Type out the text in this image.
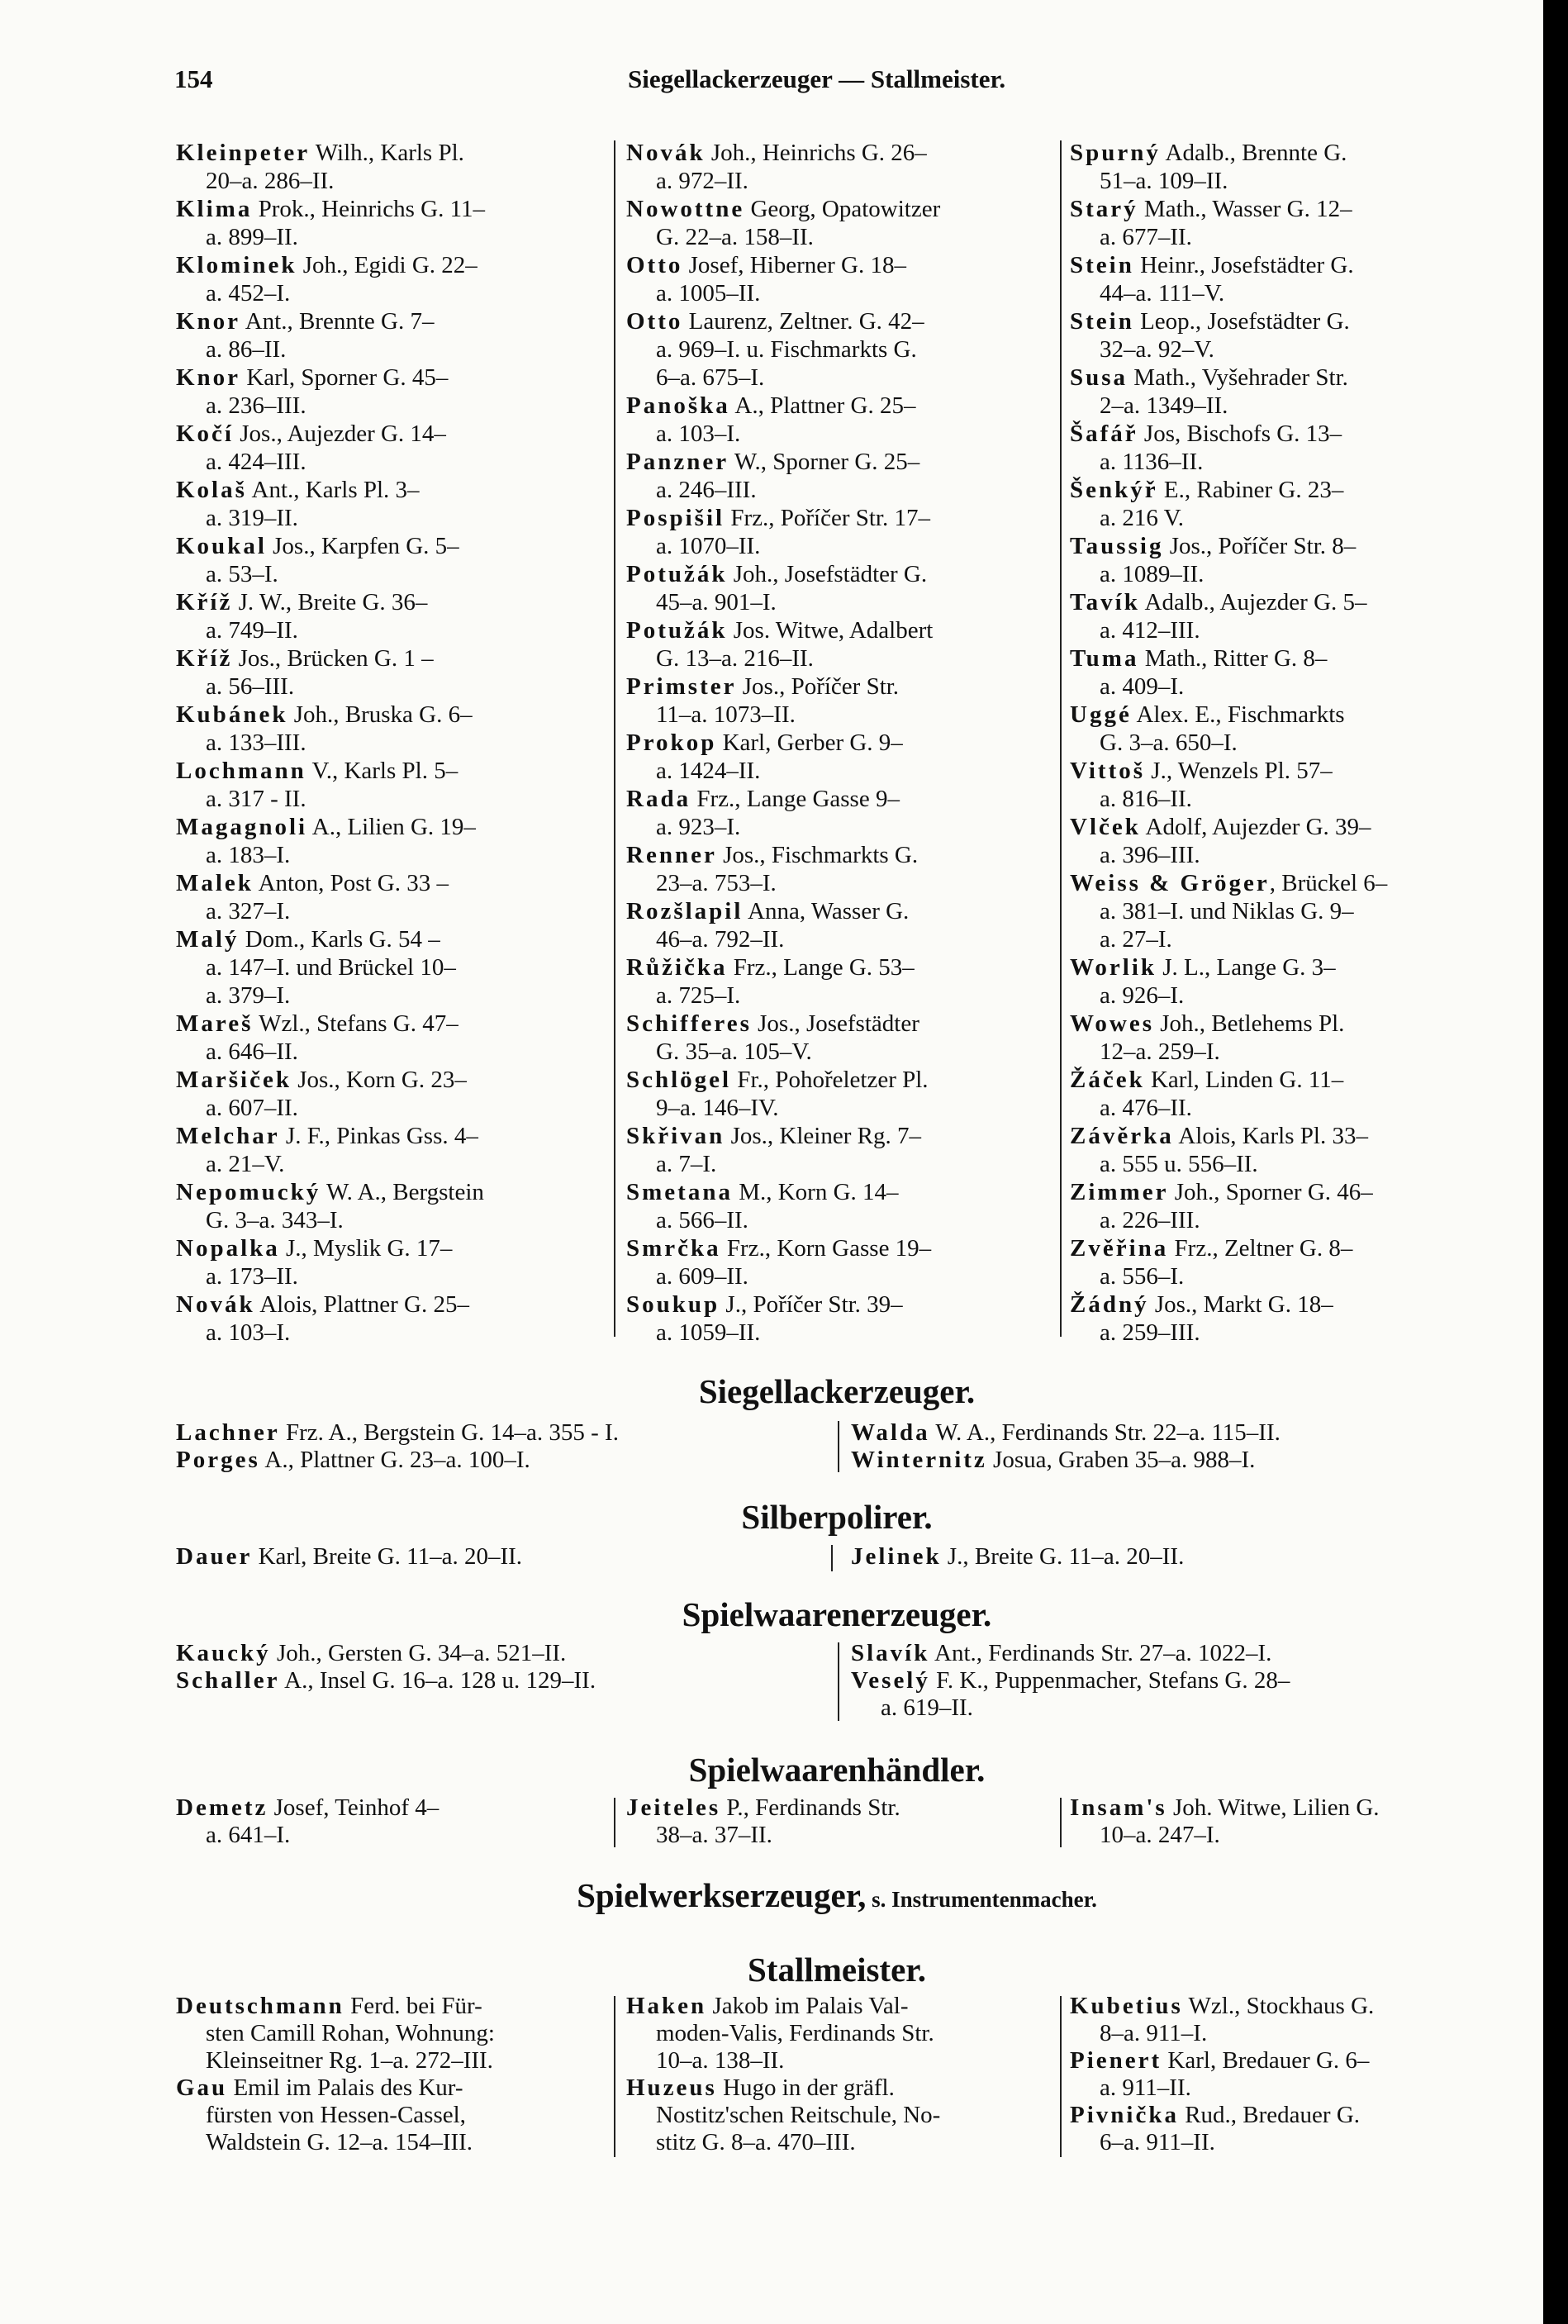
154	Siegellackerzeuger — Stallmeister.
Kleinpeter Wilh., Karls Pl.
20–a. 286–II.
Klima Prok., Heinrichs G. 11–
a. 899–II.
Klominek Joh., Egidi G. 22–
a. 452–I.
Knor Ant., Brennte G. 7–
a. 86–II.
Knor Karl, Sporner G. 45–
a. 236–III.
Kočí Jos., Aujezder G. 14–
a. 424–III.
Kolaš Ant., Karls Pl. 3–
a. 319–II.
Koukal Jos., Karpfen G. 5–
a. 53–I.
Kříž J. W., Breite G. 36–
a. 749–II.
Kříž Jos., Brücken G. 1 –
a. 56–III.
Kubánek Joh., Bruska G. 6–
a. 133–III.
Lochmann V., Karls Pl. 5–
a. 317 - II.
Magagnoli A., Lilien G. 19–
a. 183–I.
Malek Anton, Post G. 33 –
a. 327–I.
Malý Dom., Karls G. 54 –
a. 147–I. und Brückel 10–
a. 379–I.
Mareš Wzl., Stefans G. 47–
a. 646–II.
Maršiček Jos., Korn G. 23–
a. 607–II.
Melchar J. F., Pinkas Gss. 4–
a. 21–V.
Nepomucký W. A., Bergstein
G. 3–a. 343–I.
Nopalka J., Myslik G. 17–
a. 173–II.
Novák Alois, Plattner G. 25–
a. 103–I.
Novák Joh., Heinrichs G. 26–
a. 972–II.
Nowottne Georg, Opatowitzer
G. 22–a. 158–II.
Otto Josef, Hiberner G. 18–
a. 1005–II.
Otto Laurenz, Zeltner. G. 42–
a. 969–I. u. Fischmarkts G.
6–a. 675–I.
Panoška A., Plattner G. 25–
a. 103–I.
Panzner W., Sporner G. 25–
a. 246–III.
Pospišil Frz., Poříčer Str. 17–
a. 1070–II.
Potužák Joh., Josefstädter G.
45–a. 901–I.
Potužák Jos. Witwe, Adalbert
G. 13–a. 216–II.
Primster Jos., Poříčer Str.
11–a. 1073–II.
Prokop Karl, Gerber G. 9–
a. 1424–II.
Rada Frz., Lange Gasse 9–
a. 923–I.
Renner Jos., Fischmarkts G.
23–a. 753–I.
Rozšlapil Anna, Wasser G.
46–a. 792–II.
Růžička Frz., Lange G. 53–
a. 725–I.
Schifferes Jos., Josefstädter
G. 35–a. 105–V.
Schlögel Fr., Pohořeletzer Pl.
9–a. 146–IV.
Skřivan Jos., Kleiner Rg. 7–
a. 7–I.
Smetana M., Korn G. 14–
a. 566–II.
Smrčka Frz., Korn Gasse 19–
a. 609–II.
Soukup J., Poříčer Str. 39–
a. 1059–II.
Spurný Adalb., Brennte G.
51–a. 109–II.
Starý Math., Wasser G. 12–
a. 677–II.
Stein Heinr., Josefstädter G.
44–a. 111–V.
Stein Leop., Josefstädter G.
32–a. 92–V.
Susa Math., Vyšehrader Str.
2–a. 1349–II.
Šafář Jos, Bischofs G. 13–
a. 1136–II.
Šenkýř E., Rabiner G. 23–
a. 216 V.
Taussig Jos., Poříčer Str. 8–
a. 1089–II.
Tavík Adalb., Aujezder G. 5–
a. 412–III.
Tuma Math., Ritter G. 8–
a. 409–I.
Uggé Alex. E., Fischmarkts
G. 3–a. 650–I.
Vittoš J., Wenzels Pl. 57–
a. 816–II.
Vlček Adolf, Aujezder G. 39–
a. 396–III.
Weiss & Gröger, Brückel 6–
a. 381–I. und Niklas G. 9–
a. 27–I.
Worlik J. L., Lange G. 3–
a. 926–I.
Wowes Joh., Betlehems Pl.
12–a. 259–I.
Žáček Karl, Linden G. 11–
a. 476–II.
Závěrka Alois, Karls Pl. 33–
a. 555 u. 556–II.
Zimmer Joh., Sporner G. 46–
a. 226–III.
Zvěřina Frz., Zeltner G. 8–
a. 556–I.
Žádný Jos., Markt G. 18–
a. 259–III.
Siegellackerzeuger.
Lachner Frz. A., Bergstein G. 14–a. 355 - I.
Porges A., Plattner G. 23–a. 100–I.
Walda W. A., Ferdinands Str. 22–a. 115–II.
Winternitz Josua, Graben 35–a. 988–I.
Silberpolirer.
Dauer Karl, Breite G. 11–a. 20–II.	Jelinek J., Breite G. 11–a. 20–II.
Spielwaarenerzeuger.
Kaucký Joh., Gersten G. 34–a. 521–II.
Schaller A., Insel G. 16–a. 128 u. 129–II.
Slavík Ant., Ferdinands Str. 27–a. 1022–I.
Veselý F. K., Puppenmacher, Stefans G. 28–
a. 619–II.
Spielwaarenhändler.
Demetz Josef, Teinhof 4–
a. 641–I.
Jeiteles P., Ferdinands Str.
38–a. 37–II.
Insam's Joh. Witwe, Lilien G.
10–a. 247–I.
Spielwerkserzeuger, s. Instrumentenmacher.
Stallmeister.
Deutschmann Ferd. bei Für-
sten Camill Rohan, Wohnung:
Kleinseitner Rg. 1–a. 272–III.
Gau Emil im Palais des Kur-
fürsten von Hessen-Cassel,
Waldstein G. 12–a. 154–III.
Haken Jakob im Palais Val-
moden-Valis, Ferdinands Str.
10–a. 138–II.
Huzeus Hugo in der gräfl.
Nostitz'schen Reitschule, No-
stitz G. 8–a. 470–III.
Kubetius Wzl., Stockhaus G.
8–a. 911–I.
Pienert Karl, Bredauer G. 6–
a. 911–II.
Pivnička Rud., Bredauer G.
6–a. 911–II.
